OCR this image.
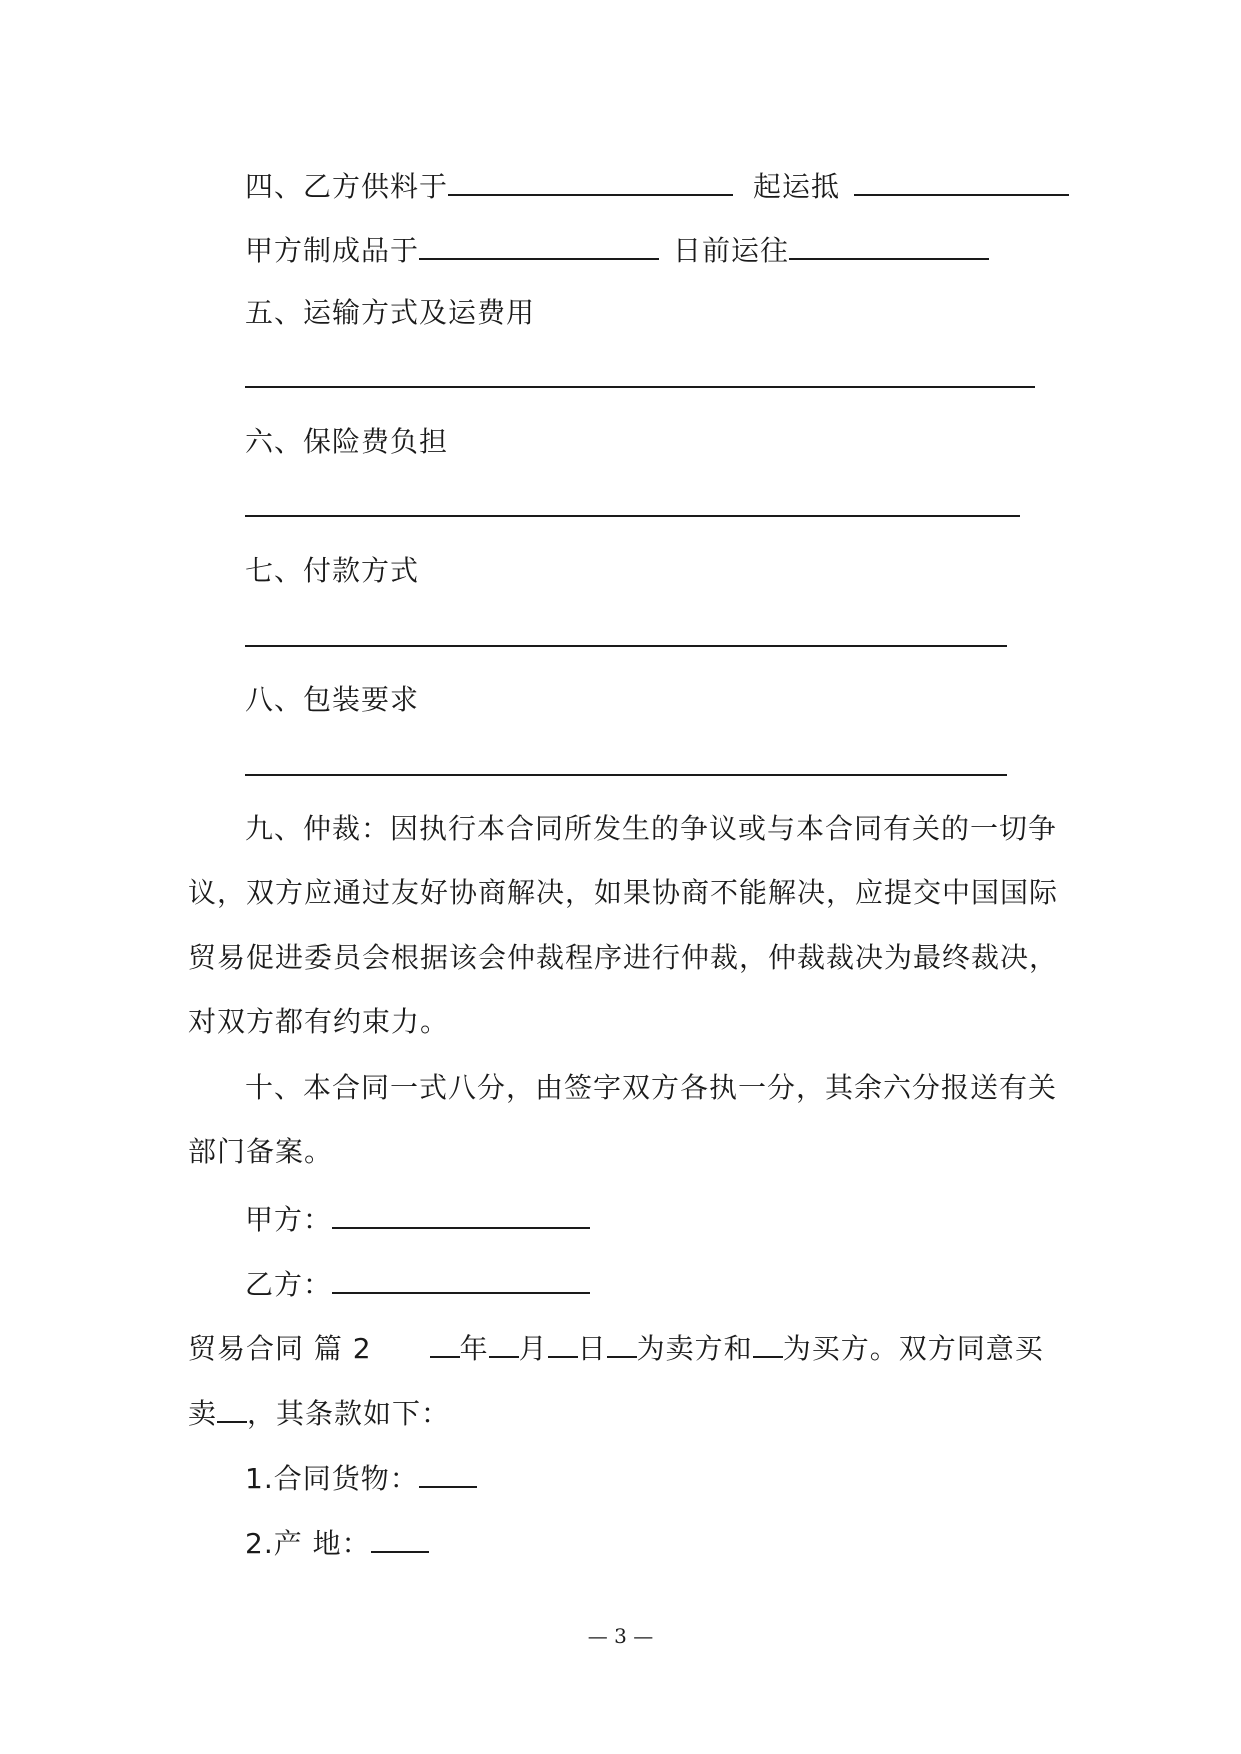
四、乙方供料于	起运抵
甲方制成品于	日前运往
五、运输方式及运费用
六、保险费负担
七、付款方式
八、包装要求
九、仲裁：因执行本合同所发生的争议或与本合同有关的一切争
议，双方应通过友好协商解决，如果协商不能解决，应提交中国国际
贸易促进委员会根据该会仲裁程序进行仲裁，仲裁裁决为最终裁决，
对双方都有约束力。
十、本合同一式八分，由签字双方各执一分，其余六分报送有关
部门备案。
甲方：
乙方：
贸易合同 篇 2	年 月 日 为卖方和 为买方。双方同意买
卖 ，其条款如下：
1.合同货物：
2.产 地：
— 3 —
